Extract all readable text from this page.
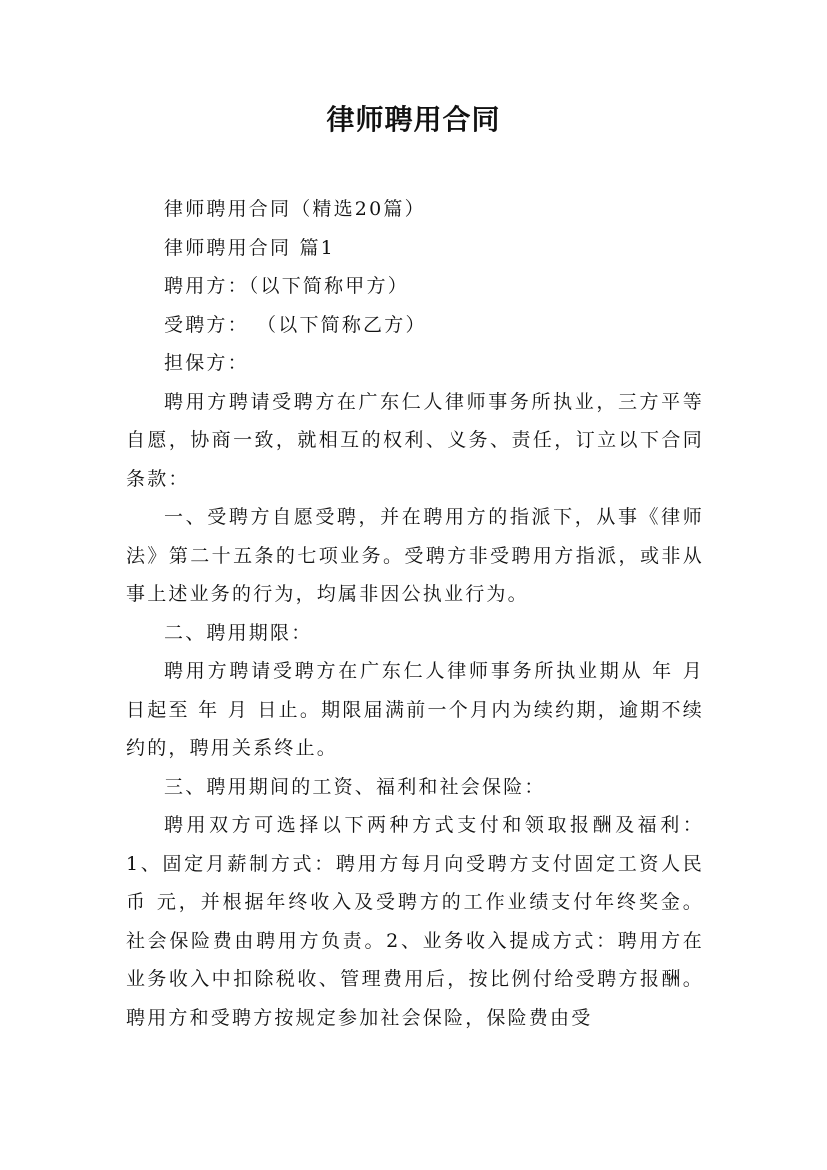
律师聘用合同

律师聘用合同（精选20篇）

律师聘用合同 篇1

聘用方：（以下简称甲方）

受聘方： （以下简称乙方）

担保方：

聘用方聘请受聘方在广东仁人律师事务所执业，三方平等自愿，协商一致，就相互的权利、义务、责任，订立以下合同条款：

一、受聘方自愿受聘，并在聘用方的指派下，从事《律师法》第二十五条的七项业务。受聘方非受聘用方指派，或非从事上述业务的行为，均属非因公执业行为。

二、聘用期限：

聘用方聘请受聘方在广东仁人律师事务所执业期从 年 月 日起至 年 月 日止。期限届满前一个月内为续约期，逾期不续约的，聘用关系终止。

三、聘用期间的工资、福利和社会保险：

聘用双方可选择以下两种方式支付和领取报酬及福利：1、固定月薪制方式：聘用方每月向受聘方支付固定工资人民币 元，并根据年终收入及受聘方的工作业绩支付年终奖金。社会保险费由聘用方负责。2、业务收入提成方式：聘用方在业务收入中扣除税收、管理费用后，按比例付给受聘方报酬。聘用方和受聘方按规定参加社会保险，保险费由受
